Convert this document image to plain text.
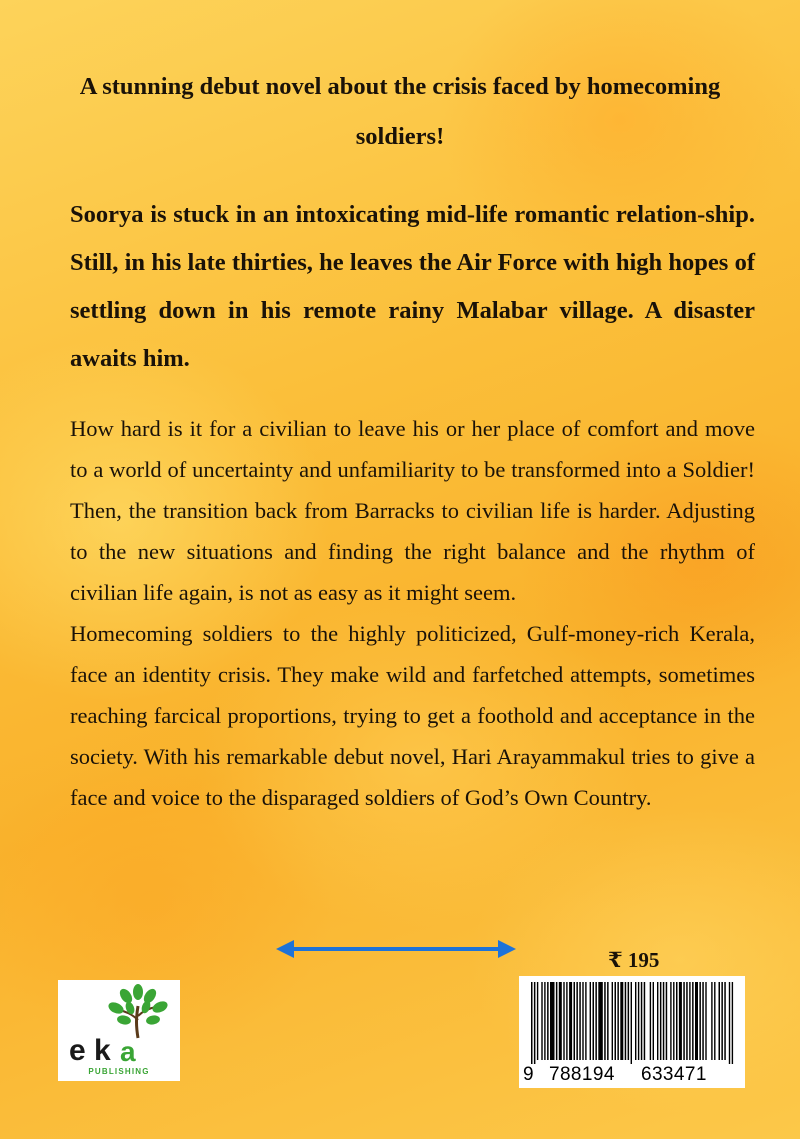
A stunning debut novel about the crisis faced by homecoming soldiers!
Soorya is stuck in an intoxicating mid-life romantic relation-ship. Still, in his late thirties, he leaves the Air Force with high hopes of settling down in his remote rainy Malabar village. A disaster awaits him.

How hard is it for a civilian to leave his or her place of comfort and move to a world of uncertainty and unfamiliarity to be transformed into a Soldier! Then, the transition back from Barracks to civilian life is harder. Adjusting to the new situations and finding the right balance and the rhythm of civilian life again, is not as easy as it might seem.

Homecoming soldiers to the highly politicized, Gulf-money-rich Kerala, face an identity crisis. They make wild and farfetched attempts, sometimes reaching farcical proportions, trying to get a foothold and acceptance in the society. With his remarkable debut novel, Hari Arayammakul tries to give a face and voice to the disparaged soldiers of God’s Own Country.

₹ 195
e k a
PUBLISHING	9 788194 633471
